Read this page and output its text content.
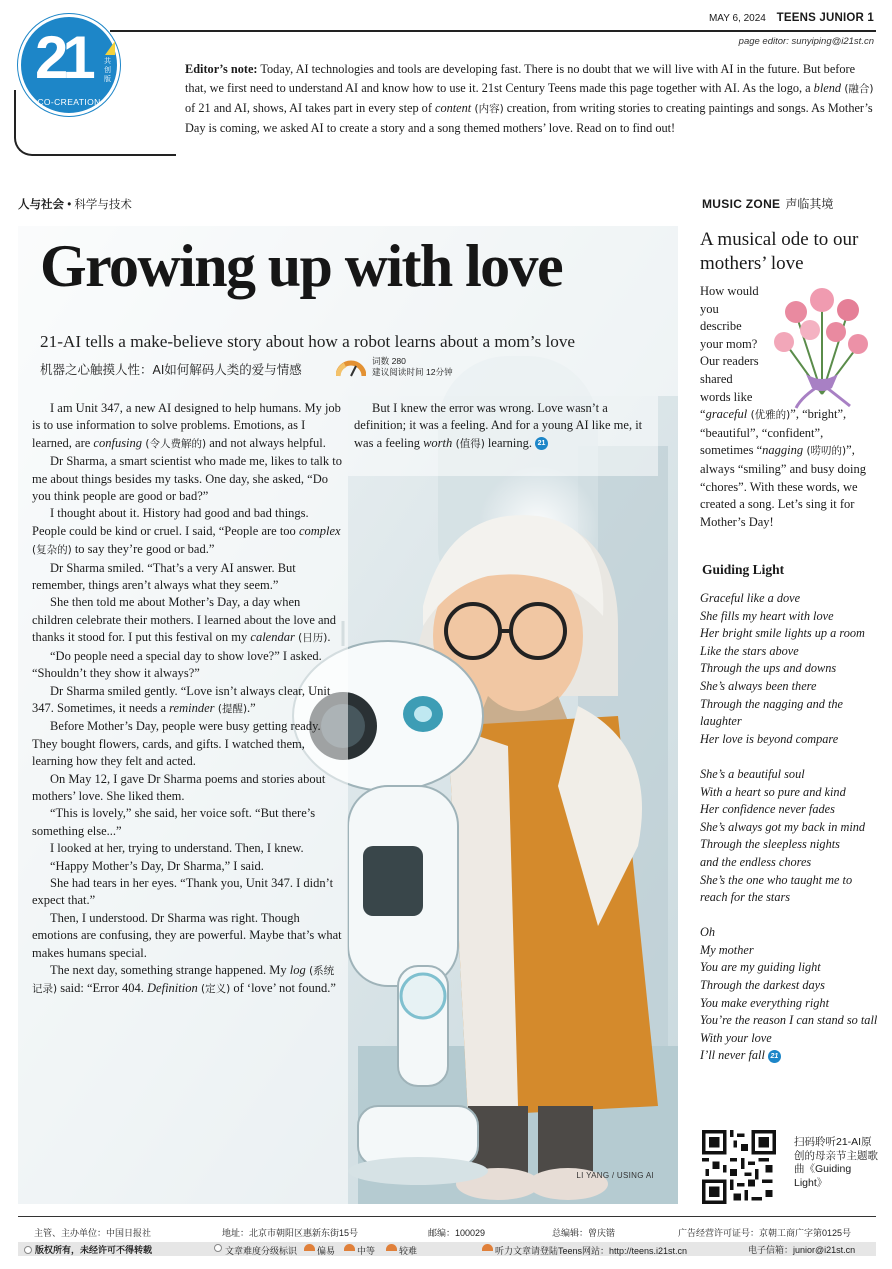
MAY 6, 2024 TEENS JUNIOR 1
page editor: sunyiping@i21st.cn
21 共创版
CO-CREATION
Editor’s note: Today, AI technologies and tools are developing fast. There is no doubt that we will live with AI in the future. But before that, we first need to understand AI and know how to use it. 21st Century Teens made this page together with AI. As the logo, a blend (融合) of 21 and AI, shows, AI takes part in every step of content (内容) creation, from writing stories to creating paintings and songs. As Mother’s Day is coming, we asked AI to create a story and a song themed mothers’ love. Read on to find out!
人与社会 • 科学与技术	MUSIC ZONE 声临其境
Growing up with love
21-AI tells a make-believe story about how a robot learns about a mom’s love
机器之心触摸人性：AI如何解码人类的爱与情感
词数 280
建议阅读时间 12分钟

I am Unit 347, a new AI designed to help humans. My job is to use information to solve problems. Emotions, as I learned, are confusing (令人费解的) and not always helpful.

Dr Sharma, a smart scientist who made me, likes to talk to me about things besides my tasks. One day, she asked, “Do you think people are good or bad?”

I thought about it. History had good and bad things. People could be kind or cruel. I said, “People are too complex (复杂的) to say they’re good or bad.”

Dr Sharma smiled. “That’s a very AI answer. But remember, things aren’t always what they seem.”

She then told me about Mother’s Day, a day when children celebrate their mothers. I learned about the love and thanks it stood for. I put this festival on my calendar (日历).

“Do people need a special day to show love?” I asked. “Shouldn’t they show it always?”

Dr Sharma smiled gently. “Love isn’t always clear, Unit 347. Sometimes, it needs a reminder (提醒).”

Before Mother’s Day, people were busy getting ready. They bought flowers, cards, and gifts. I watched them, learning how they felt and acted.

On May 12, I gave Dr Sharma poems and stories about mothers’ love. She liked them.

“This is lovely,” she said, her voice soft. “But there’s something else...”

I looked at her, trying to understand. Then, I knew.

“Happy Mother’s Day, Dr Sharma,” I said.

She had tears in her eyes. “Thank you, Unit 347. I didn’t expect that.”

Then, I understood. Dr Sharma was right. Though emotions are confusing, they are powerful. Maybe that’s what makes humans special.

The next day, something strange happened. My log (系统记录) said: “Error 404. Definition (定义) of ‘love’ not found.”

But I knew the error was wrong. Love wasn’t a definition; it was a feeling. And for a young AI like me, it was a feeling worth (值得) learning. 21

LI YANG / USING AI
A musical ode to our mothers’ love
How would you describe your mom? Our readers shared words like
“graceful (优雅的)”, “bright”, “beautiful”, “confident”, sometimes “nagging (唠叨的)”, always “smiling” and busy doing “chores”. With these words, we created a song. Let’s sing it for Mother’s Day!
Guiding Light
Graceful like a dove
She fills my heart with love
Her bright smile lights up a room
Like the stars above
Through the ups and downs
She’s always been there
Through the nagging and the laughter
Her love is beyond compare
She’s a beautiful soul
With a heart so pure and kind
Her confidence never fades
She’s always got my back in mind
Through the sleepless nights
and the endless chores
She’s the one who taught me to reach for the stars
Oh
My mother
You are my guiding light
Through the darkest days
You make everything right
You’re the reason I can stand so tall
With your love
I’ll never fall 21
扫码聆听21-AI原创的母亲节主题歌曲《Guiding Light》
主管、主办单位：中国日报社	地址：北京市朝阳区惠新东街15号	邮编：100029	总编辑：曾庆锴	广告经营许可证号：京朝工商广字第0125号
版权所有，未经许可不得转载	文章难度分级标识 偏易 中等	较难	听力文章请登陆Teens网站：http://teens.i21st.cn	电子信箱：junior@i21st.cn
